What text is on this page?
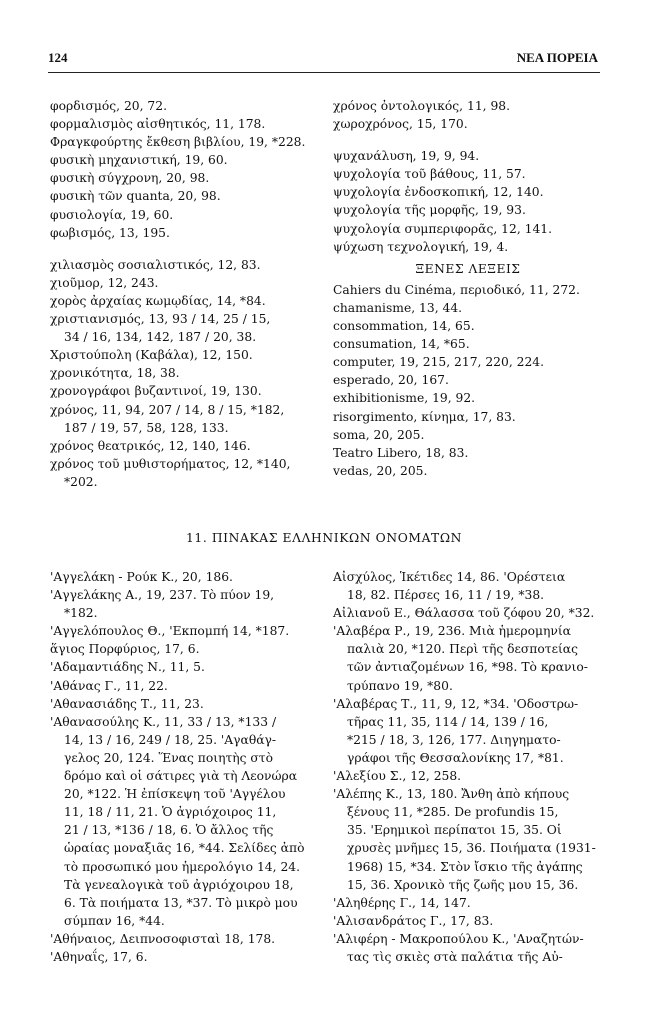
124	ΝΕΑ ΠΟΡΕΙΑ
φορδισμός, 20, 72.
φορμαλισμὸς αἰσθητικός, 11, 178.
Φραγκφούρτης ἔκθεση βιβλίου, 19, *228.
φυσικὴ μηχανιστική, 19, 60.
φυσικὴ σύγχρονη, 20, 98.
φυσικὴ τῶν quanta, 20, 98.
φυσιολογία, 19, 60.
φωβισμός, 13, 195.
χιλιασμὸς σοσιαλιστικός, 12, 83.
χιοῦμορ, 12, 243.
χορὸς ἀρχαίας κωμῳδίας, 14, *84.
χριστιανισμός, 13, 93 / 14, 25 / 15,
34 / 16, 134, 142, 187 / 20, 38.
Χριστούπολη (Καβάλα), 12, 150.
χρονικότητα, 18, 38.
χρονογράφοι βυζαντινοί, 19, 130.
χρόνος, 11, 94, 207 / 14, 8 / 15, *182,
187 / 19, 57, 58, 128, 133.
χρόνος θεατρικός, 12, 140, 146.
χρόνος τοῦ μυθιστορήματος, 12, *140,
*202.
χρόνος ὀντολογικός, 11, 98.
χωροχρόνος, 15, 170.
ψυχανάλυση, 19, 9, 94.
ψυχολογία τοῦ βάθους, 11, 57.
ψυχολογία ἐνδοσκοπική, 12, 140.
ψυχολογία τῆς μορφῆς, 19, 93.
ψυχολογία συμπεριφορᾶς, 12, 141.
ψύχωση τεχνολογική, 19, 4.
ΞΕΝΕΣ ΛΕΞΕΙΣ
Cahiers du Cinéma, περιοδικό, 11, 272.
chamanisme, 13, 44.
consommation, 14, 65.
consumation, 14, *65.
computer, 19, 215, 217, 220, 224.
esperado, 20, 167.
exhibitionisme, 19, 92.
risorgimento, κίνημα, 17, 83.
soma, 20, 205.
Teatro Libero, 18, 83.
vedas, 20, 205.
11. ΠΙΝΑΚΑΣ ΕΛΛΗΝΙΚΩΝ ΟΝΟΜΑΤΩΝ
'Αγγελάκη - Ρούκ Κ., 20, 186.
'Αγγελάκης Α., 19, 237. Τὸ πύον 19,
*182.
'Αγγελόπουλος Θ., 'Εκπομπή 14, *187.
ἅγιος Πορφύριος, 17, 6.
'Αδαμαντιάδης Ν., 11, 5.
'Αθάνας Γ., 11, 22.
'Αθανασιάδης Τ., 11, 23.
'Αθανασούλης Κ., 11, 33 / 13, *133 /
14, 13 / 16, 249 / 18, 25. 'Αγαθάγ-
γελος 20, 124. Ἕνας ποιητὴς στὸ
δρόμο καὶ οἱ σάτιρες γιὰ τὴ Λεονώρα
20, *122. Ἡ ἐπίσκεψη τοῦ 'Αγγέλου
11, 18 / 11, 21. Ὁ ἀγριόχοιρος 11,
21 / 13, *136 / 18, 6. Ὁ ἄλλος τῆς
ὡραίας μοναξιᾶς 16, *44. Σελίδες ἀπὸ
τὸ προσωπικό μου ἡμερολόγιο 14, 24.
Τὰ γενεαλογικὰ τοῦ ἀγριόχοιρου 18,
6. Τὰ ποιήματα 13, *37. Τὸ μικρὸ μου
σύμπαν 16, *44.
'Αθήναιος, Δειπνοσοφισταὶ 18, 178.
'Αθηναΐς, 17, 6.
Αἰσχύλος, Ἱκέτιδες 14, 86. 'Ορέστεια
18, 82. Πέρσες 16, 11 / 19, *38.
Αἰλιανοῦ Ε., Θάλασσα τοῦ ζόφου 20, *32.
'Αλαβέρα Ρ., 19, 236. Μιὰ ἡμερομηνία
παλιὰ 20, *120. Περὶ τῆς δεσποτείας
τῶν ἀντιαζομένων 16, *98. Τὸ κρανιο-
τρύπανο 19, *80.
'Αλαβέρας Τ., 11, 9, 12, *34. 'Οδοστρω-
τῆρας 11, 35, 114 / 14, 139 / 16,
*215 / 18, 3, 126, 177. Διηγηματο-
γράφοι τῆς Θεσσαλονίκης 17, *81.
'Αλεξίου Σ., 12, 258.
'Αλέπης Κ., 13, 180. Ἄνθη ἀπὸ κήπους
ξένους 11, *285. De profundis 15,
35. 'Ερημικοὶ περίπατοι 15, 35. Οἱ
χρυσὲς μνῆμες 15, 36. Ποιήματα (1931-
1968) 15, *34. Στὸν ἴσκιο τῆς ἀγάπης
15, 36. Χρονικὸ τῆς ζωῆς μου 15, 36.
'Αληθέρης Γ., 14, 147.
'Αλισανδράτος Γ., 17, 83.
'Αλιφέρη - Μακροπούλου Κ., 'Αναζητών-
τας τὶς σκιὲς στὰ παλάτια τῆς Αὐ-
